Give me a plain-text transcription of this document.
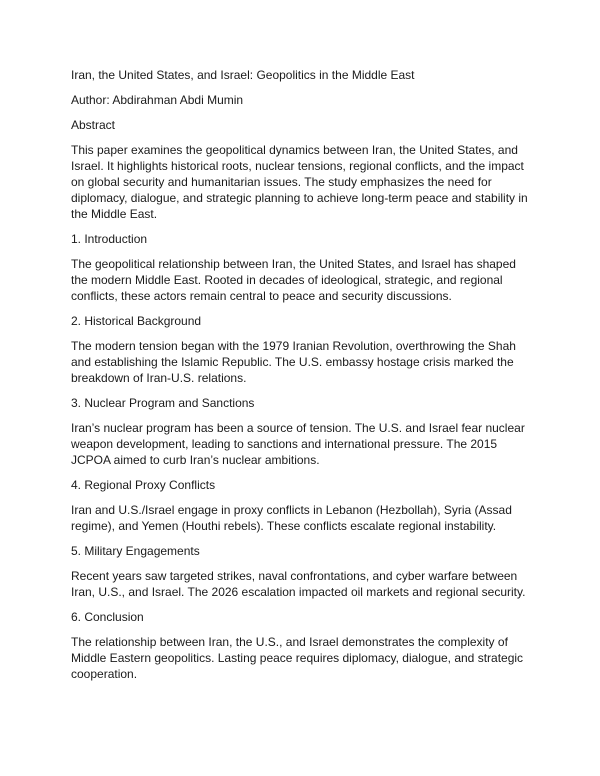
Iran, the United States, and Israel: Geopolitics in the Middle East
Author: Abdirahman Abdi Mumin
Abstract
This paper examines the geopolitical dynamics between Iran, the United States, and Israel. It highlights historical roots, nuclear tensions, regional conflicts, and the impact on global security and humanitarian issues. The study emphasizes the need for diplomacy, dialogue, and strategic planning to achieve long-term peace and stability in the Middle East.
1. Introduction
The geopolitical relationship between Iran, the United States, and Israel has shaped the modern Middle East. Rooted in decades of ideological, strategic, and regional conflicts, these actors remain central to peace and security discussions.
2. Historical Background
The modern tension began with the 1979 Iranian Revolution, overthrowing the Shah and establishing the Islamic Republic. The U.S. embassy hostage crisis marked the breakdown of Iran-U.S. relations.
3. Nuclear Program and Sanctions
Iran’s nuclear program has been a source of tension. The U.S. and Israel fear nuclear weapon development, leading to sanctions and international pressure. The 2015 JCPOA aimed to curb Iran’s nuclear ambitions.
4. Regional Proxy Conflicts
Iran and U.S./Israel engage in proxy conflicts in Lebanon (Hezbollah), Syria (Assad regime), and Yemen (Houthi rebels). These conflicts escalate regional instability.
5. Military Engagements
Recent years saw targeted strikes, naval confrontations, and cyber warfare between Iran, U.S., and Israel. The 2026 escalation impacted oil markets and regional security.
6. Conclusion
The relationship between Iran, the U.S., and Israel demonstrates the complexity of Middle Eastern geopolitics. Lasting peace requires diplomacy, dialogue, and strategic cooperation.
